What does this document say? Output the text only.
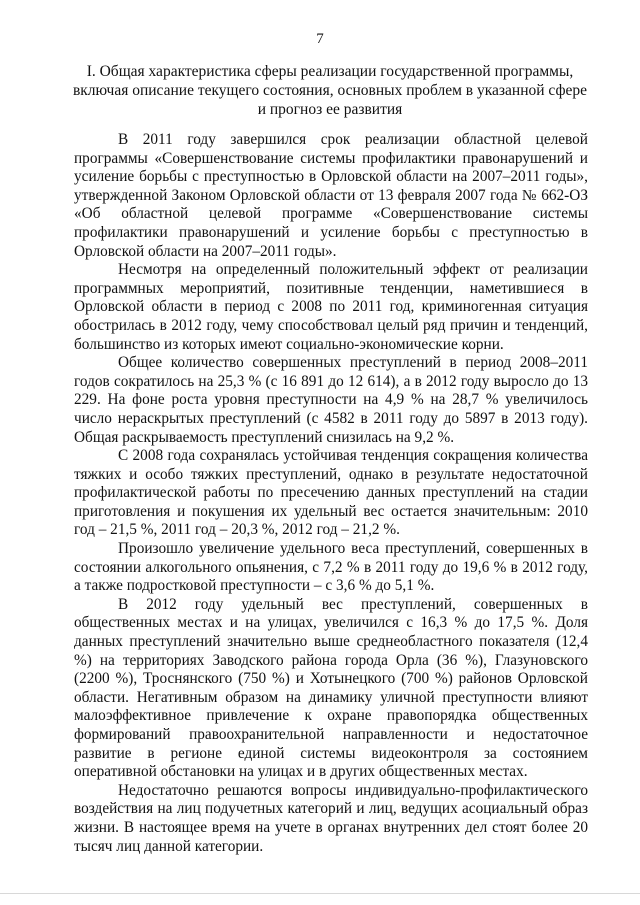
7
I. Общая характеристика сферы реализации государственной программы, включая описание текущего состояния, основных проблем в указанной сфере и прогноз ее развития

В 2011 году завершился срок реализации областной целевой программы «Совершенствование системы профилактики правонарушений и усиление борьбы с преступностью в Орловской области на 2007–2011 годы», утвержденной Законом Орловской области от 13 февраля 2007 года № 662-ОЗ «Об областной целевой программе «Совершенствование системы профилактики правонарушений и усиление борьбы с преступностью в Орловской области на 2007–2011 годы».

Несмотря на определенный положительный эффект от реализации программных мероприятий, позитивные тенденции, наметившиеся в Орловской области в период с 2008 по 2011 год, криминогенная ситуация обострилась в 2012 году, чему способствовал целый ряд причин и тенденций, большинство из которых имеют социально-экономические корни.

Общее количество совершенных преступлений в период 2008–2011 годов сократилось на 25,3 % (с 16 891 до 12 614), а в 2012 году выросло до 13 229. На фоне роста уровня преступности на 4,9 % на 28,7 % увеличилось число нераскрытых преступлений (с 4582 в 2011 году до 5897 в 2013 году). Общая раскрываемость преступлений снизилась на 9,2 %.

С 2008 года сохранялась устойчивая тенденция сокращения количества тяжких и особо тяжких преступлений, однако в результате недостаточной профилактической работы по пресечению данных преступлений на стадии приготовления и покушения их удельный вес остается значительным: 2010 год – 21,5 %, 2011 год – 20,3 %, 2012 год – 21,2 %.

Произошло увеличение удельного веса преступлений, совершенных в состоянии алкогольного опьянения, с 7,2 % в 2011 году до 19,6 % в 2012 году, а также подростковой преступности – с 3,6 % до 5,1 %.

В 2012 году удельный вес преступлений, совершенных в общественных местах и на улицах, увеличился с 16,3 % до 17,5 %. Доля данных преступлений значительно выше среднеобластного показателя (12,4 %) на территориях Заводского района города Орла (36 %), Глазуновского (2200 %), Троснянского (750 %) и Хотынецкого (700 %) районов Орловской области. Негативным образом на динамику уличной преступности влияют малоэффективное привлечение к охране правопорядка общественных формирований правоохранительной направленности и недостаточное развитие в регионе единой системы видеоконтроля за состоянием оперативной обстановки на улицах и в других общественных местах.

Недостаточно решаются вопросы индивидуально-профилактического воздействия на лиц подучетных категорий и лиц, ведущих асоциальный образ жизни. В настоящее время на учете в органах внутренних дел стоят более 20 тысяч лиц данной категории.
